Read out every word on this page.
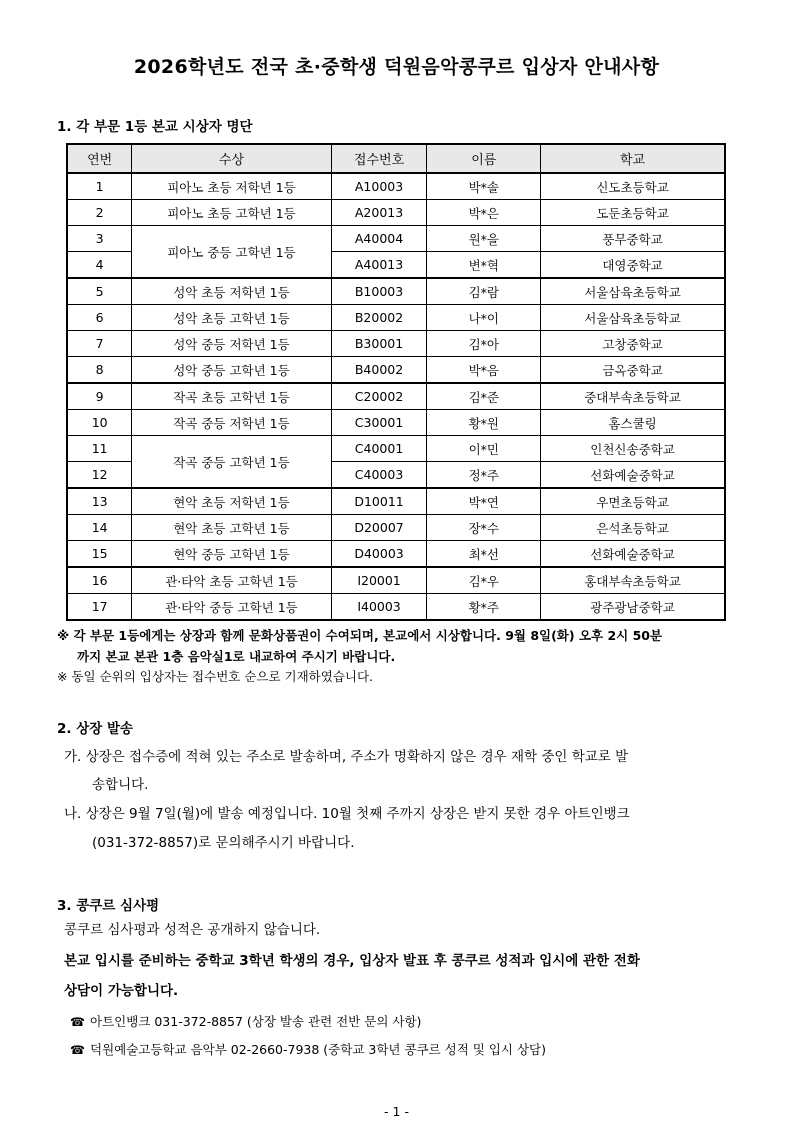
2026학년도 전국 초·중학생 덕원음악콩쿠르 입상자 안내사항
1. 각 부문 1등 본교 시상자 명단
연번	수상	접수번호	이름	학교
1	피아노 초등 저학년 1등	A10003	박*솔	신도초등학교
2	피아노 초등 고학년 1등	A20013	박*은	도둔초등학교
3	피아노 중등 고학년 1등	A40004	원*을	풍무중학교
4		A40013	변*혁	대영중학교
5	성악 초등 저학년 1등	B10003	김*람	서울삼육초등학교
6	성악 초등 고학년 1등	B20002	나*이	서울삼육초등학교
7	성악 중등 저학년 1등	B30001	김*아	고창중학교
8	성악 중등 고학년 1등	B40002	박*음	금옥중학교
9	작곡 초등 고학년 1등	C20002	김*준	중대부속초등학교
10	작곡 중등 저학년 1등	C30001	황*원	홈스쿨링
11	작곡 중등 고학년 1등	C40001	이*민	인천신송중학교
12		C40003	정*주	선화예술중학교
13	현악 초등 저학년 1등	D10011	박*연	우면초등학교
14	현악 초등 고학년 1등	D20007	장*수	은석초등학교
15	현악 중등 고학년 1등	D40003	최*선	선화예술중학교
16	관·타악 초등 고학년 1등	I20001	김*우	홍대부속초등학교
17	관·타악 중등 고학년 1등	I40003	황*주	광주광남중학교
※ 각 부문 1등에게는 상장과 함께 문화상품권이 수여되며, 본교에서 시상합니다. 9월 8일(화) 오후 2시 50분
까지 본교 본관 1층 음악실1로 내교하여 주시기 바랍니다.
※ 동일 순위의 입상자는 접수번호 순으로 기재하였습니다.
2. 상장 발송
가. 상장은 접수증에 적혀 있는 주소로 발송하며, 주소가 명확하지 않은 경우 재학 중인 학교로 발
송합니다.
나. 상장은 9월 7일(월)에 발송 예정입니다. 10월 첫째 주까지 상장은 받지 못한 경우 아트인뱅크
(031-372-8857)로 문의해주시기 바랍니다.
3. 콩쿠르 심사평
콩쿠르 심사평과 성적은 공개하지 않습니다.
본교 입시를 준비하는 중학교 3학년 학생의 경우, 입상자 발표 후 콩쿠르 성적과 입시에 관한 전화
상담이 가능합니다.
☎ 아트인뱅크 031-372-8857 (상장 발송 관련 전반 문의 사항)
☎ 덕원예술고등학교 음악부 02-2660-7938 (중학교 3학년 콩쿠르 성적 및 입시 상담)
- 1 -
